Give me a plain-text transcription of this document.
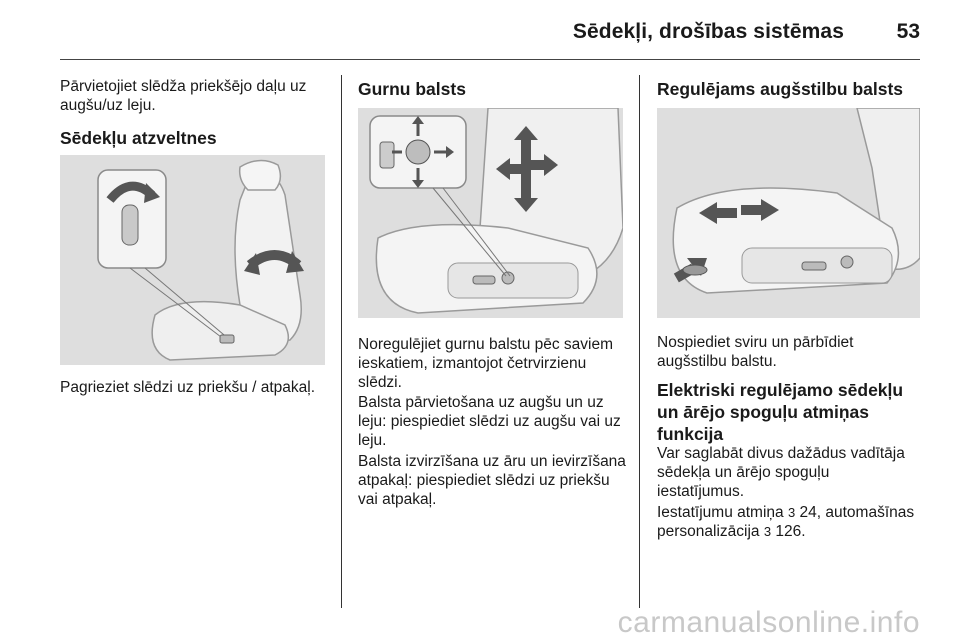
Sēdekļi, drošības sistēmas	53

Pārvietojiet slēdža priekšējo daļu uz augšu/uz leju.

Sēdekļu atzveltnes

Pagrieziet slēdzi uz priekšu / atpakaļ.

Gurnu balsts

Noregulējiet gurnu balstu pēc saviem ieskatiem, izmantojot četrvirzienu slēdzi.

Balsta pārvietošana uz augšu un uz leju: piespiediet slēdzi uz augšu vai uz leju.

Balsta izvirzīšana uz āru un ievirzīšana atpakaļ: piespiediet slēdzi uz priekšu vai atpakaļ.

Regulējams augšstilbu balsts

Nospiediet sviru un pārbīdiet augšstilbu balstu.

Elektriski regulējamo sēdekļu un ārējo spoguļu atmiņas funkcija

Var saglabāt divus dažādus vadītāja sēdekļa un ārējo spoguļu iestatījumus.

Iestatījumu atmiņa 3 24, automašīnas personalizācija 3 126.

carmanualsonline.info
